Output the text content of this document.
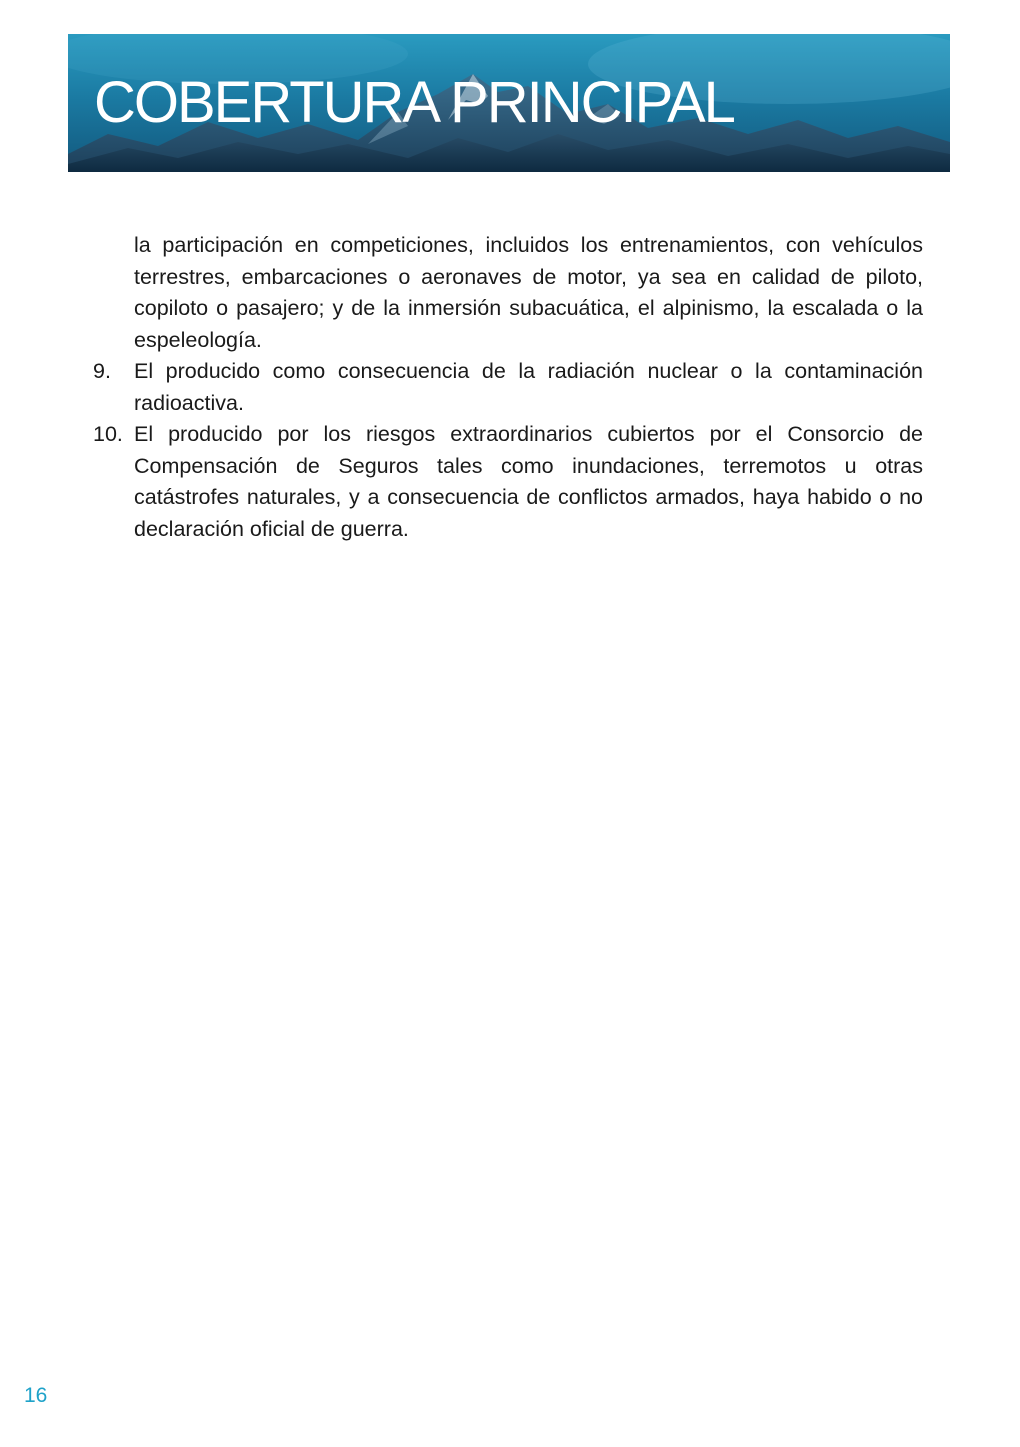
COBERTURA PRINCIPAL

la participación en competiciones, incluidos los entrenamientos, con vehículos terrestres, embarcaciones o aeronaves de motor, ya sea en calidad de piloto, copiloto o pasajero; y de la inmersión subacuática, el alpinismo, la escalada o la espeleología.

9.	El producido como consecuencia de la radiación nuclear o la contaminación radioactiva.

10. El producido por los riesgos extraordinarios cubiertos por el Consorcio de Compensación de Seguros tales como inundaciones, terremotos u otras catástrofes naturales, y a consecuencia de conflictos armados, haya habido o no declaración oficial de guerra.

16
